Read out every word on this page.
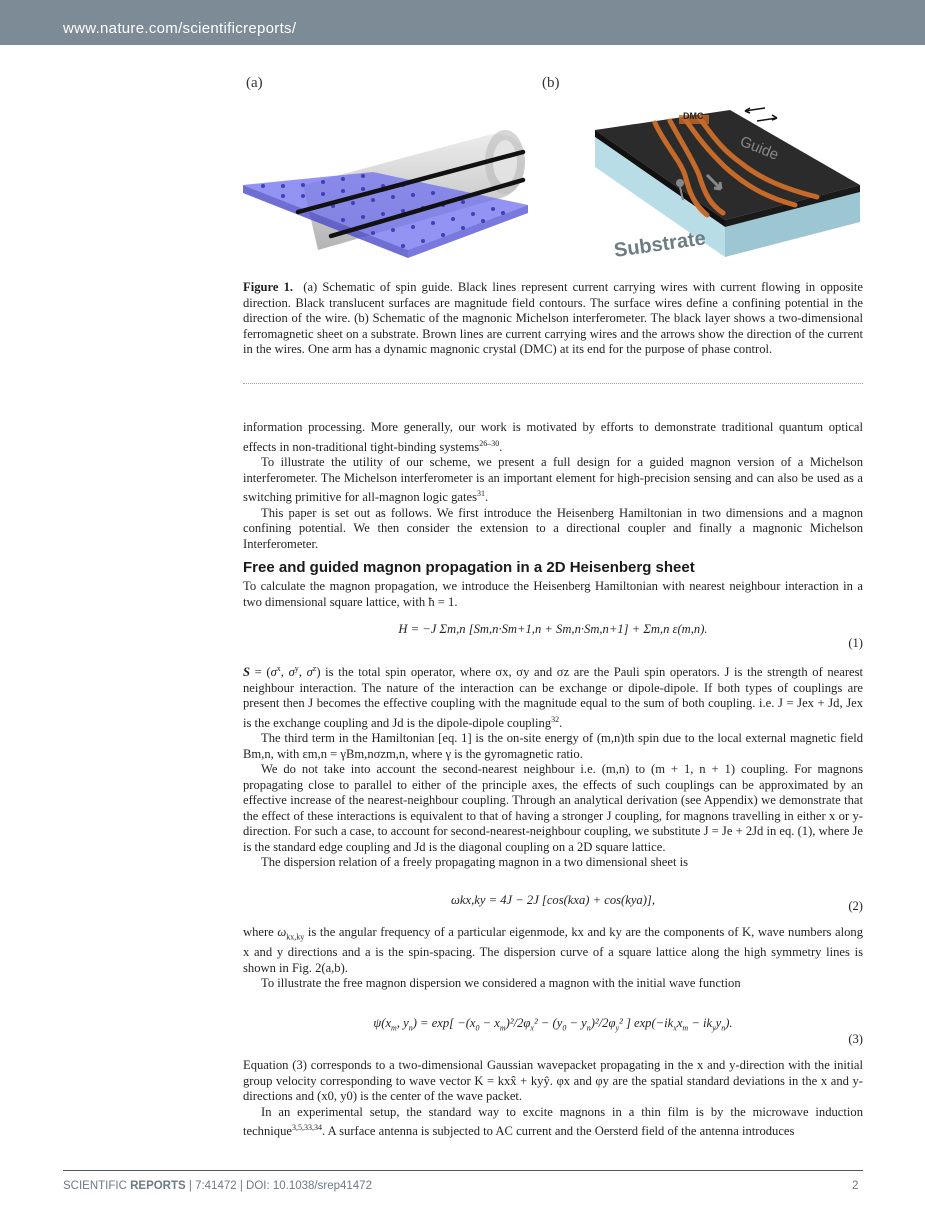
www.nature.com/scientificreports/
(a)	(b)
DMC
Guide
Substrate
Figure 1. (a) Schematic of spin guide. Black lines represent current carrying wires with current flowing in opposite direction. Black translucent surfaces are magnitude field contours. The surface wires define a confining potential in the direction of the wire. (b) Schematic of the magnonic Michelson interferometer. The black layer shows a two-dimensional ferromagnetic sheet on a substrate. Brown lines are current carrying wires and the arrows show the direction of the current in the wires. One arm has a dynamic magnonic crystal (DMC) at its end for the purpose of phase control.

information processing. More generally, our work is motivated by efforts to demonstrate traditional quantum optical effects in non-traditional tight-binding systems$^{26-30}$.

To illustrate the utility of our scheme, we present a full design for a guided magnon version of a Michelson interferometer. The Michelson interferometer is an important element for high-precision sensing and can also be used as a switching primitive for all-magnon logic gates$^{31}$.

This paper is set out as follows. We first introduce the Heisenberg Hamiltonian in two dimensions and a magnon confining potential. We then consider the extension to a directional coupler and finally a magnonic Michelson Interferometer.

Free and guided magnon propagation in a 2D Heisenberg sheet
To calculate the magnon propagation, we introduce the Heisenberg Hamiltonian with nearest neighbour interaction in a two dimensional square lattice, with ħ = 1.
H = −J Σm,n [Sm,n·Sm+1,n + Sm,n·Sm,n+1] + Σm,n ε(m,n).
(1)

$S = (\sigma^x$, $\sigma^y$, $\sigma^z$) is the total spin operator, where σx, σy and σz are the Pauli spin operators. J is the strength of nearest neighbour interaction. The nature of the interaction can be exchange or dipole-dipole. If both types of couplings are present then J becomes the effective coupling with the magnitude equal to the sum of both coupling. i.e. J = Jex + Jd, Jex is the exchange coupling and Jd is the dipole-dipole coupling$^{32}$.

The third term in the Hamiltonian [eq. 1] is the on-site energy of (m,n)th spin due to the local external magnetic field Bm,n, with εm,n = γBm,nσzm,n, where γ is the gyromagnetic ratio.

We do not take into account the second-nearest neighbour i.e. (m,n) to (m + 1, n + 1) coupling. For magnons propagating close to parallel to either of the principle axes, the effects of such couplings can be approximated by an effective increase of the nearest-neighbour coupling. Through an analytical derivation (see Appendix) we demonstrate that the effect of these interactions is equivalent to that of having a stronger J coupling, for magnons travelling in either x or y-direction. For such a case, to account for second-nearest-neighbour coupling, we substitute J = Je + 2Jd in eq. (1), where Je is the standard edge coupling and Jd is the diagonal coupling on a 2D square lattice.

The dispersion relation of a freely propagating magnon in a two dimensional sheet is

ωkx,ky = 4J − 2J [cos(kxa) + cos(kya)],	(2)

where $\omega_{kx,ky}$ is the angular frequency of a particular eigenmode, kx and ky are the components of K, wave numbers along x and y directions and a is the spin-spacing. The dispersion curve of a square lattice along the high symmetry lines is shown in Fig. 2(a,b).

To illustrate the free magnon dispersion we considered a magnon with the initial wave function

$\psi(x_m$, $y_n) = \exp[ -(x_0 - x_m)^2/2\varphi_x^2 - (y_0 - y_n)^2/2\varphi_y^2$ ] $\exp(-ik_xx_m - ik_yy_n)$.
(3)

Equation (3) corresponds to a two-dimensional Gaussian wavepacket propagating in the x and y-direction with the initial group velocity corresponding to wave vector K = kxx̂ + kyŷ. φx and φy are the spatial standard deviations in the x and y-directions and (x0, y0) is the center of the wave packet.

In an experimental setup, the standard way to excite magnons in a thin film is by the microwave induction technique$^{3,5,33,34}$. A surface antenna is subjected to AC current and the Oersterd field of the antenna introduces

SCIENTIFIC REPORTS | 7:41472 | DOI: 10.1038/srep41472	2
